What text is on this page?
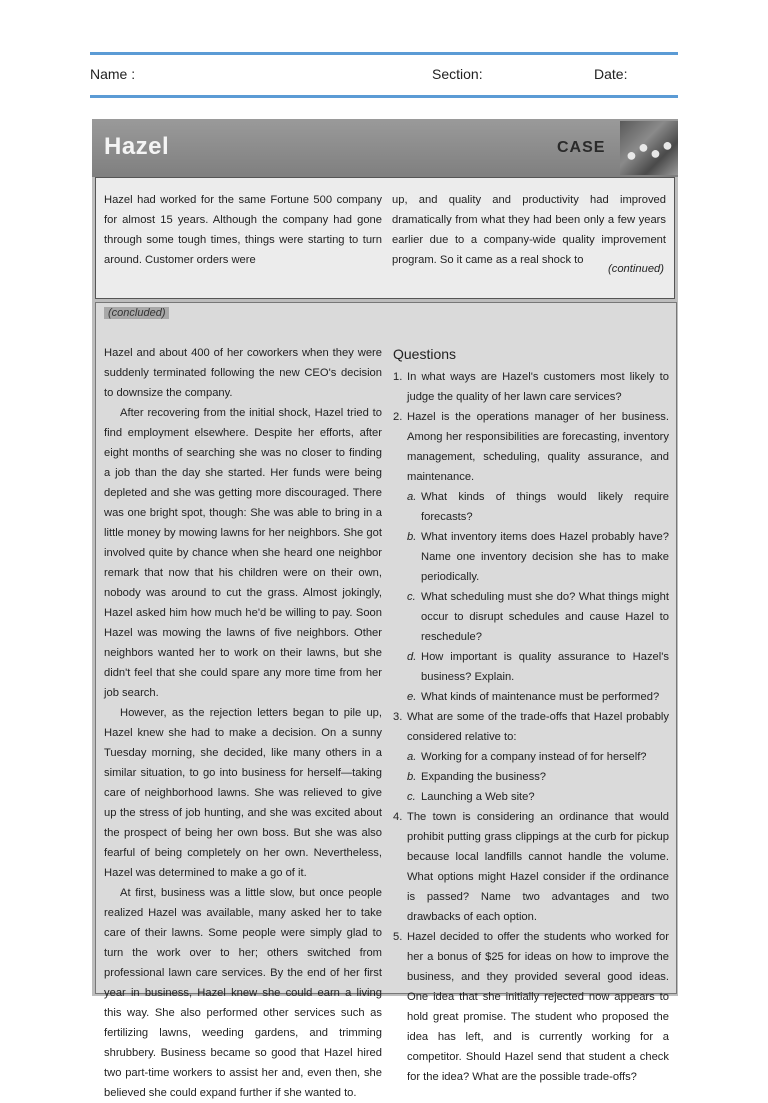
Name :	Section:	Date:
Hazel	CASE ● ● ● ●
Hazel had worked for the same Fortune 500 company for almost 15 years. Although the company had gone through some tough times, things were starting to turn around. Customer orders were
up, and quality and productivity had improved dramatically from what they had been only a few years earlier due to a company-wide quality improvement program. So it came as a real shock to
(continued)
(concluded)

Hazel and about 400 of her coworkers when they were suddenly terminated following the new CEO's decision to downsize the company.

After recovering from the initial shock, Hazel tried to find employment elsewhere. Despite her efforts, after eight months of searching she was no closer to finding a job than the day she started. Her funds were being depleted and she was getting more discouraged. There was one bright spot, though: She was able to bring in a little money by mowing lawns for her neighbors. She got involved quite by chance when she heard one neighbor remark that now that his children were on their own, nobody was around to cut the grass. Almost jokingly, Hazel asked him how much he'd be willing to pay. Soon Hazel was mowing the lawns of five neighbors. Other neighbors wanted her to work on their lawns, but she didn't feel that she could spare any more time from her job search.

However, as the rejection letters began to pile up, Hazel knew she had to make a decision. On a sunny Tuesday morning, she decided, like many others in a similar situation, to go into business for herself—taking care of neighborhood lawns. She was relieved to give up the stress of job hunting, and she was excited about the prospect of being her own boss. But she was also fearful of being completely on her own. Nevertheless, Hazel was determined to make a go of it.

At first, business was a little slow, but once people realized Hazel was available, many asked her to take care of their lawns. Some people were simply glad to turn the work over to her; others switched from professional lawn care services. By the end of her first year in business, Hazel knew she could earn a living this way. She also performed other services such as fertilizing lawns, weeding gardens, and trimming shrubbery. Business became so good that Hazel hired two part-time workers to assist her and, even then, she believed she could expand further if she wanted to.

Questions
1. In what ways are Hazel's customers most likely to judge the quality of her lawn care services?
2. Hazel is the operations manager of her business. Among her responsibilities are forecasting, inventory management, scheduling, quality assurance, and maintenance.
a. What kinds of things would likely require forecasts?
b. What inventory items does Hazel probably have? Name one inventory decision she has to make periodically.
c. What scheduling must she do? What things might occur to disrupt schedules and cause Hazel to reschedule?
d. How important is quality assurance to Hazel's business? Explain.
e. What kinds of maintenance must be performed?
3. What are some of the trade-offs that Hazel probably considered relative to:
a. Working for a company instead of for herself?
b. Expanding the business?
c. Launching a Web site?
4. The town is considering an ordinance that would prohibit putting grass clippings at the curb for pickup because local landfills cannot handle the volume. What options might Hazel consider if the ordinance is passed? Name two advantages and two drawbacks of each option.
5. Hazel decided to offer the students who worked for her a bonus of $25 for ideas on how to improve the business, and they provided several good ideas. One idea that she initially rejected now appears to hold great promise. The student who proposed the idea has left, and is currently working for a competitor. Should Hazel send that student a check for the idea? What are the possible trade-offs?
